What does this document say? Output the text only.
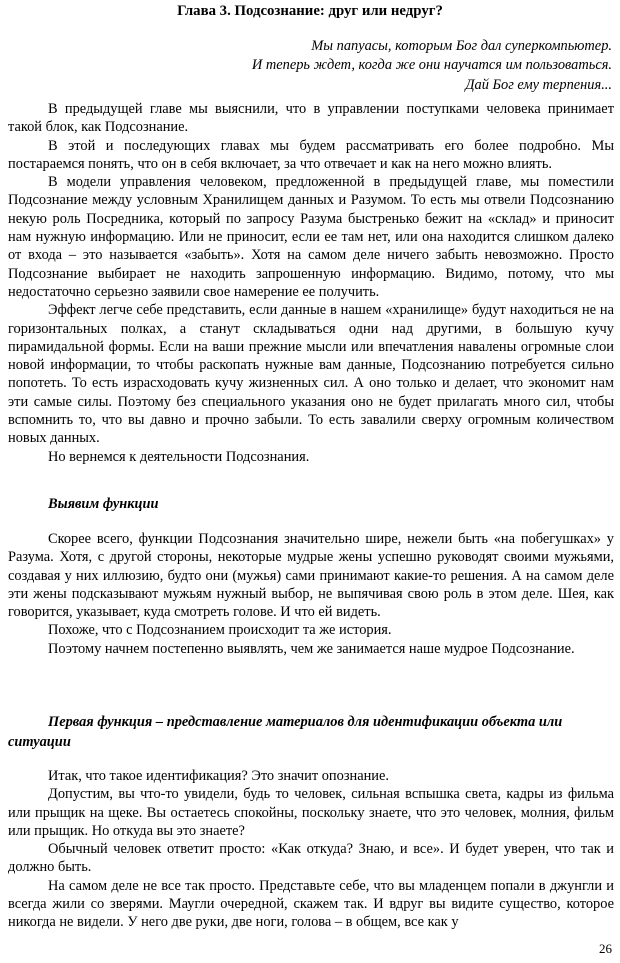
Глава 3. Подсознание: друг или недруг?
Мы папуасы, которым Бог дал суперкомпьютер.
И теперь ждет, когда же они научатся им пользоваться.
Дай Бог ему терпения...

В предыдущей главе мы выяснили, что в управлении поступками человека принимает такой блок, как Подсознание.

В этой и последующих главах мы будем рассматривать его более подробно. Мы постараемся понять, что он в себя включает, за что отвечает и как на него можно влиять.

В модели управления человеком, предложенной в предыдущей главе, мы поместили Подсознание между условным Хранилищем данных и Разумом. То есть мы отвели Подсознанию некую роль Посредника, который по запросу Разума быстренько бежит на «склад» и приносит нам нужную информацию. Или не приносит, если ее там нет, или она находится слишком далеко от входа – это называется «забыть». Хотя на самом деле ничего забыть невозможно. Просто Подсознание выбирает не находить запрошенную информацию. Видимо, потому, что мы недостаточно серьезно заявили свое намерение ее получить.

Эффект легче себе представить, если данные в нашем «хранилище» будут находиться не на горизонтальных полках, а станут складываться одни над другими, в большую кучу пирамидальной формы. Если на ваши прежние мысли или впечатления навалены огромные слои новой информации, то чтобы раскопать нужные вам данные, Подсознанию потребуется сильно попотеть. То есть израсходовать кучу жизненных сил. А оно только и делает, что экономит нам эти самые силы. Поэтому без специального указания оно не будет прилагать много сил, чтобы вспомнить то, что вы давно и прочно забыли. То есть завалили сверху огромным количеством новых данных.

Но вернемся к деятельности Подсознания.

Выявим функции

Скорее всего, функции Подсознания значительно шире, нежели быть «на побегушках» у Разума. Хотя, с другой стороны, некоторые мудрые жены успешно руководят своими мужьями, создавая у них иллюзию, будто они (мужья) сами принимают какие-то решения. А на самом деле эти жены подсказывают мужьям нужный выбор, не выпячивая свою роль в этом деле. Шея, как говорится, указывает, куда смотреть голове. И что ей видеть.

Похоже, что с Подсознанием происходит та же история.

Поэтому начнем постепенно выявлять, чем же занимается наше мудрое Подсознание.

Первая функция – представление материалов для идентификации объекта или ситуации

Итак, что такое идентификация? Это значит опознание.

Допустим, вы что-то увидели, будь то человек, сильная вспышка света, кадры из фильма или прыщик на щеке. Вы остаетесь спокойны, поскольку знаете, что это человек, молния, фильм или прыщик. Но откуда вы это знаете?

Обычный человек ответит просто: «Как откуда? Знаю, и все». И будет уверен, что так и должно быть.

На самом деле не все так просто. Представьте себе, что вы младенцем попали в джунгли и всегда жили со зверями. Маугли очередной, скажем так. И вдруг вы видите существо, которое никогда не видели. У него две руки, две ноги, голова – в общем, все как у

26
